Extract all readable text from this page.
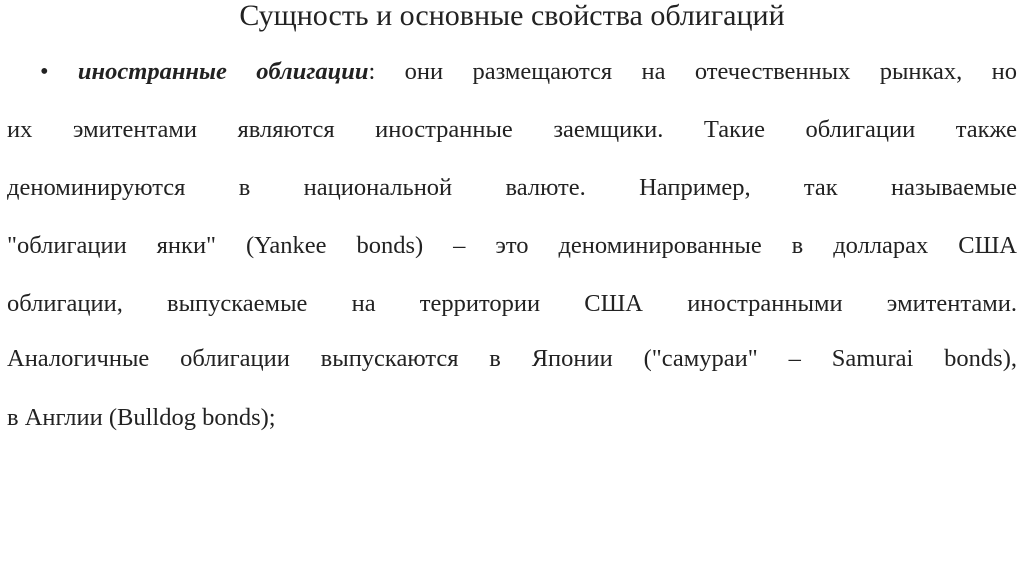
Сущность и основные свойства облигаций
• иностранные облигации: они размещаются на отечественных рынках, но
их эмитентами являются иностранные заемщики. Такие облигации также
деноминируются в национальной валюте. Например, так называемые
"облигации янки" (Yankee bonds) – это деноминированные в долларах США
облигации, выпускаемые на территории США иностранными эмитентами.
Аналогичные облигации выпускаются в Японии ("самураи" – Samurai bonds),
в Англии (Bulldog bonds);
